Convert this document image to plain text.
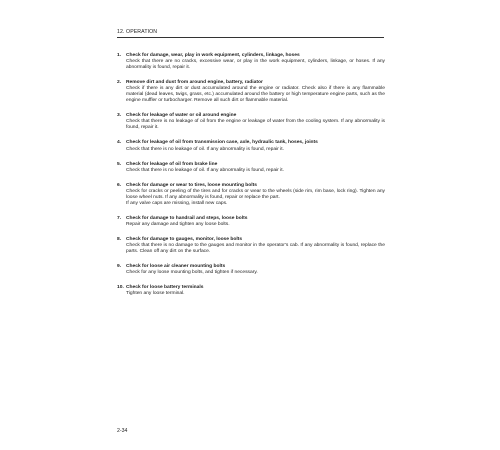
12. OPERATION
1.	Check for damage, wear, play in work equipment, cylinders, linkage, hoses
Check that there are no cracks, excessive wear, or play in the work equipment, cylinders, linkage, or hoses. If any abnormality is found, repair it.
2.	Remove dirt and dust from around engine, battery, radiator
Check if there is any dirt or dust accumulated around the engine or radiator. Check also if there is any flammable material (dead leaves, twigs, grass, etc.) accumulated around the battery or high temperature engine parts, such as the engine muffler or turbocharger. Remove all such dirt or flammable material.
3.	Check for leakage of water or oil around engine
Check that there is no leakage of oil from the engine or leakage of water from the cooling system. If any abnormality is found, repair it.
4.	Check for leakage of oil from transmission case, axle, hydraulic tank, hoses, joints
Check that there is no leakage of oil. If any abnormality is found, repair it.
5.	Check for leakage of oil from brake line
Check that there is no leakage of oil. If any abnormality is found, repair it.
6.	Check for damage or wear to tires, loose mounting bolts
Check for cracks or peeling of the tires and for cracks or wear to the wheels (side rim, rim base, lock ring). Tighten any loose wheel nuts. If any abnormality is found, repair or replace the part.
If any valve caps are missing, install new caps.
7.	Check for damage to handrail and steps, loose bolts
Repair any damage and tighten any loose bolts.
8.	Check for damage to gauges, monitor, loose bolts
Check that there is no damage to the gauges and monitor in the operator's cab. If any abnormality is found, replace the parts. Clean off any dirt on the surface.
9.	Check for loose air cleaner mounting bolts
Check for any loose mounting bolts, and tighten if necessary.
10. Check for loose battery terminals
Tighten any loose terminal.
2-34
